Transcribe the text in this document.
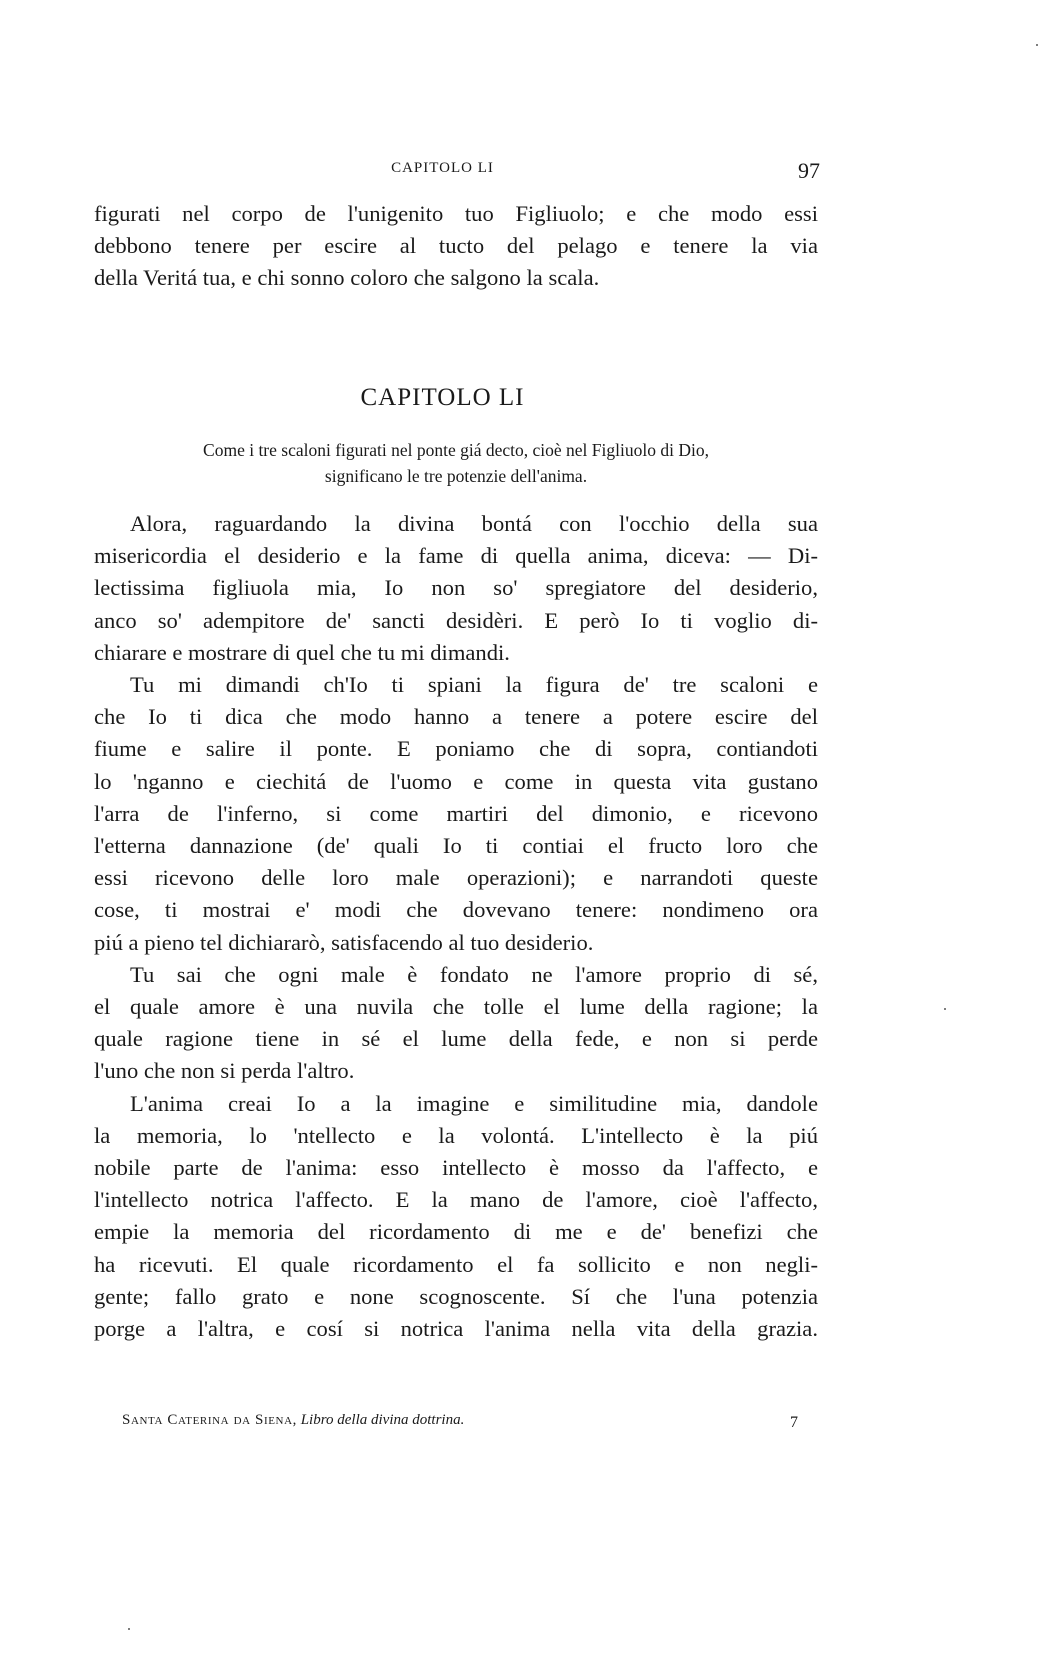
CAPITOLO LI	97

figurati nel corpo de l'unigenito tuo Figliuolo; e che modo essi

debbono tenere per escire al tucto del pelago e tenere la via

della Veritá tua, e chi sonno coloro che salgono la scala.

CAPITOLO LI
Come i tre scaloni figurati nel ponte giá decto, cioè nel Figliuolo di Dio,
significano le tre potenzie dell'anima.

Alora, raguardando la divina bontá con l'occhio della sua

misericordia el desiderio e la fame di quella anima, diceva: — Di-

lectissima figliuola mia, Io non so' spregiatore del desiderio,

anco so' adempitore de' sancti desidèri. E però Io ti voglio di-

chiarare e mostrare di quel che tu mi dimandi.

Tu mi dimandi ch'Io ti spiani la figura de' tre scaloni e

che Io ti dica che modo hanno a tenere a potere escire del

fiume e salire il ponte. E poniamo che di sopra, contiandoti

lo 'nganno e ciechitá de l'uomo e come in questa vita gustano

l'arra de l'inferno, si come martiri del dimonio, e ricevono

l'etterna dannazione (de' quali Io ti contiai el fructo loro che

essi ricevono delle loro male operazioni); e narrandoti queste

cose, ti mostrai e' modi che dovevano tenere: nondimeno ora

piú a pieno tel dichiararò, satisfacendo al tuo desiderio.

Tu sai che ogni male è fondato ne l'amore proprio di sé,

el quale amore è una nuvila che tolle el lume della ragione; la

quale ragione tiene in sé el lume della fede, e non si perde

l'uno che non si perda l'altro.

L'anima creai Io a la imagine e similitudine mia, dandole

la memoria, lo 'ntellecto e la volontá. L'intellecto è la piú

nobile parte de l'anima: esso intellecto è mosso da l'affecto, e

l'intellecto notrica l'affecto. E la mano de l'amore, cioè l'affecto,

empie la memoria del ricordamento di me e de' benefizi che

ha ricevuti. El quale ricordamento el fa sollicito e non negli-

gente; fallo grato e none scognoscente. Sí che l'una potenzia

porge a l'altra, e cosí si notrica l'anima nella vita della grazia.

Santa Caterina da Siena, Libro della divina dottrina.	7
